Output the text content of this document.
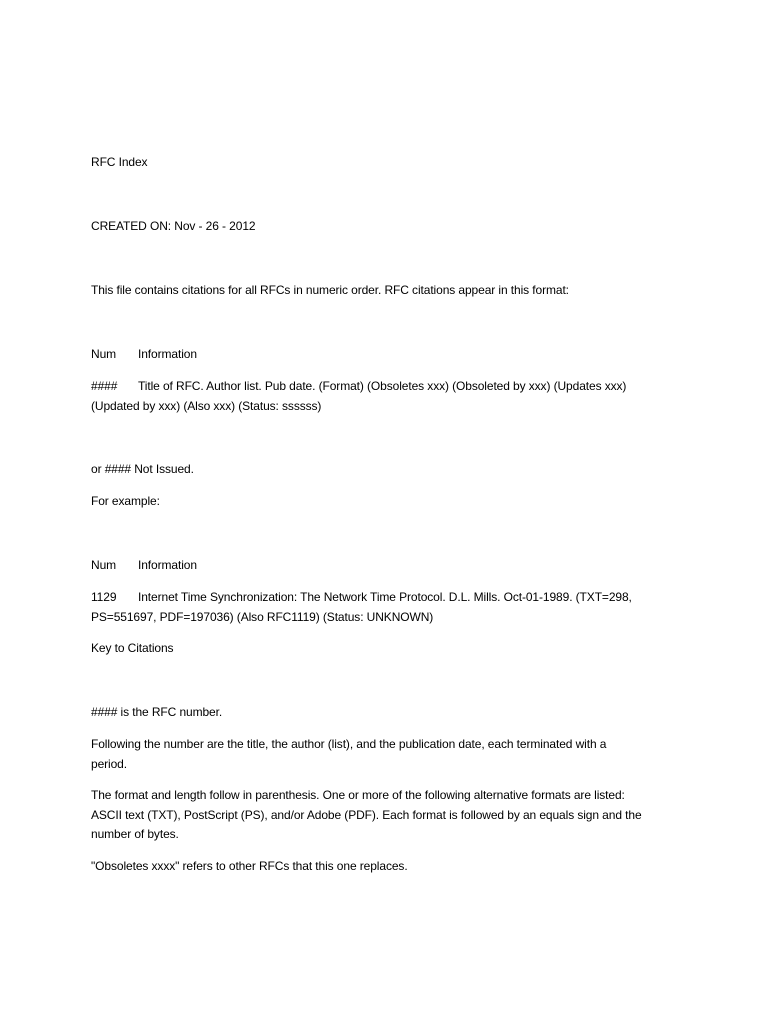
RFC Index
CREATED ON: Nov - 26 - 2012
This file contains citations for all RFCs in numeric order. RFC citations appear in this format:
Num Information
#### Title of RFC. Author list. Pub date. (Format) (Obsoletes xxx) (Obsoleted by xxx) (Updates xxx)
(Updated by xxx) (Also xxx) (Status: ssssss)
or #### Not Issued.
For example:
Num Information
1129 Internet Time Synchronization: The Network Time Protocol. D.L. Mills. Oct-01-1989. (TXT=298,
PS=551697, PDF=197036) (Also RFC1119) (Status: UNKNOWN)
Key to Citations
#### is the RFC number.
Following the number are the title, the author (list), and the publication date, each terminated with a
period.
The format and length follow in parenthesis. One or more of the following alternative formats are listed:
ASCII text (TXT), PostScript (PS), and/or Adobe (PDF). Each format is followed by an equals sign and the
number of bytes.
"Obsoletes xxxx" refers to other RFCs that this one replaces.
